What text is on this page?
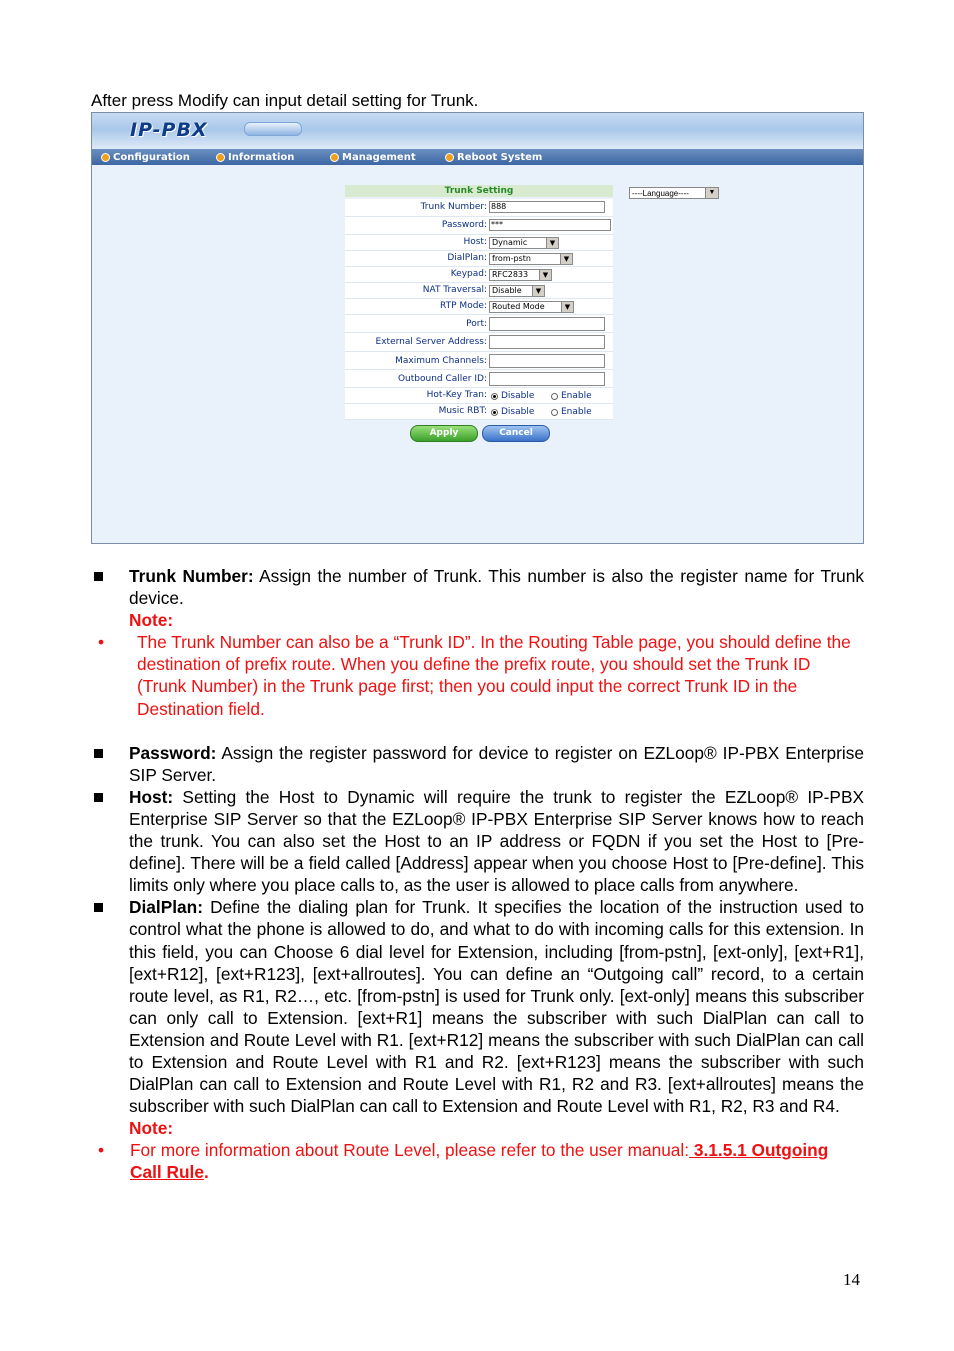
After press Modify can input detail setting for Trunk.
IP-PBX
Configuration	Information	Management	Reboot System
----Language----	▼
Trunk Setting
Trunk Number: 888
Password: ***
Host: Dynamic	▼
DialPlan: from-pstn	▼
Keypad: RFC2833	▼
NAT Traversal: Disable	▼
RTP Mode: Routed Mode	▼
Port:
External Server Address:
Maximum Channels:
Outbound Caller ID:
Hot-Key Tran: Disable	Enable
Music RBT: Disable	Enable
Apply	Cancel
Trunk Number: Assign the number of Trunk. This number is also the register name for Trunk device.
Note:
• The Trunk Number can also be a “Trunk ID”. In the Routing Table page, you should define the destination of prefix route. When you define the prefix route, you should set the Trunk ID (Trunk Number) in the Trunk page first; then you could input the correct Trunk ID in the Destination field.
Password: Assign the register password for device to register on EZLoop® IP-PBX Enterprise SIP Server.
Host: Setting the Host to Dynamic will require the trunk to register the EZLoop® IP-PBX Enterprise SIP Server so that the EZLoop® IP-PBX Enterprise SIP Server knows how to reach the trunk. You can also set the Host to an IP address or FQDN if you set the Host to [Pre-define]. There will be a field called [Address] appear when you choose Host to [Pre-define]. This limits only where you place calls to, as the user is allowed to place calls from anywhere.
DialPlan: Define the dialing plan for Trunk. It specifies the location of the instruction used to control what the phone is allowed to do, and what to do with incoming calls for this extension. In this field, you can Choose 6 dial level for Extension, including [from-pstn], [ext-only], [ext+R1], [ext+R12], [ext+R123], [ext+allroutes]. You can define an “Outgoing call” record, to a certain route level, as R1, R2…, etc. [from-pstn] is used for Trunk only. [ext-only] means this subscriber can only call to Extension. [ext+R1] means the subscriber with such DialPlan can call to Extension and Route Level with R1. [ext+R12] means the subscriber with such DialPlan can call to Extension and Route Level with R1 and R2. [ext+R123] means the subscriber with such DialPlan can call to Extension and Route Level with R1, R2 and R3. [ext+allroutes] means the subscriber with such DialPlan can call to Extension and Route Level with R1, R2, R3 and R4.
Note:
• For more information about Route Level, please refer to the user manual: 3.1.5.1 Outgoing Call Rule.
14
